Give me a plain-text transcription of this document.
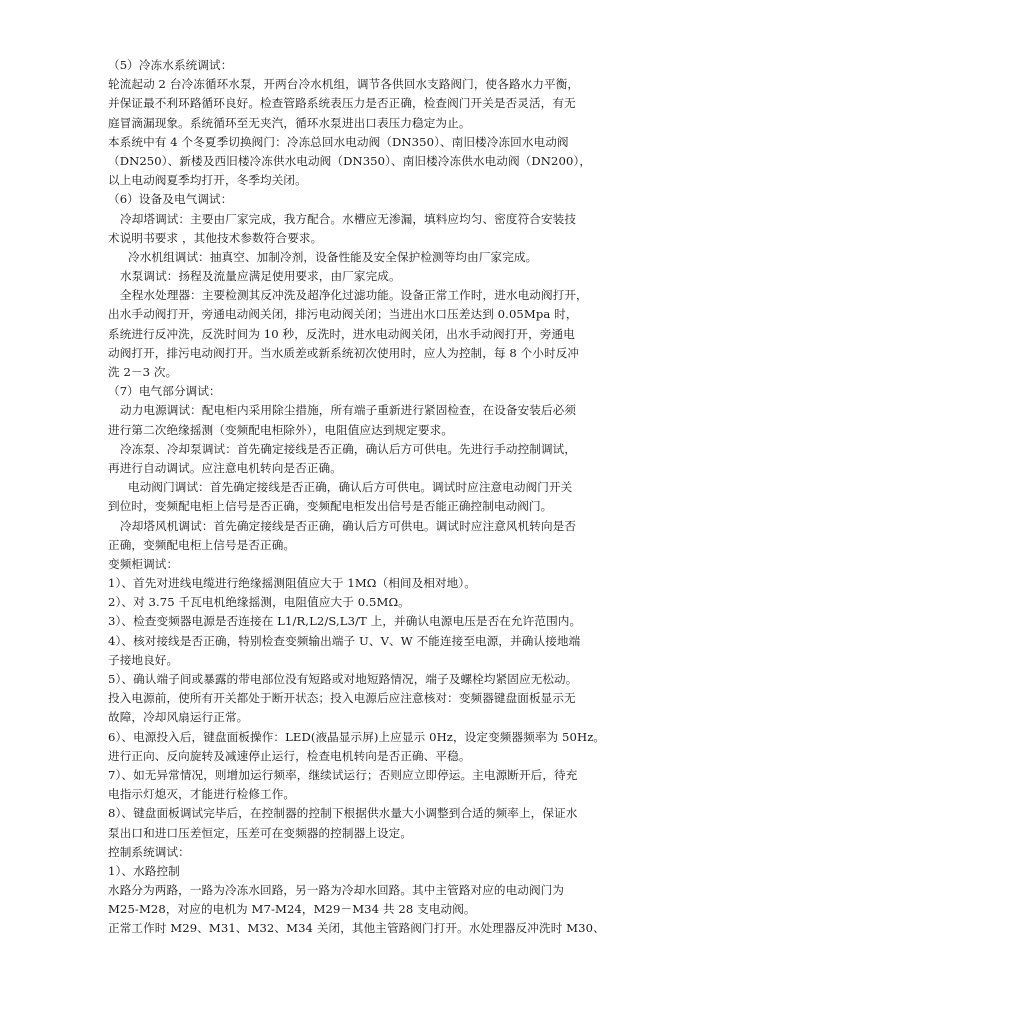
（5）冷冻水系统调试：
轮流起动 2 台冷冻循环水泵，开两台冷水机组，调节各供回水支路阀门，使各路水力平衡，
并保证最不利环路循环良好。检查管路系统表压力是否正确，检查阀门开关是否灵活，有无
庭冒滴漏现象。系统循环至无夹汽，循环水泵进出口表压力稳定为止。
本系统中有 4 个冬夏季切换阀门：冷冻总回水电动阀（DN350）、南旧楼冷冻回水电动阀
（DN250）、新楼及西旧楼冷冻供水电动阀（DN350）、南旧楼冷冻供水电动阀（DN200），
以上电动阀夏季均打开，冬季均关闭。
（6）设备及电气调试：
冷却塔调试：主要由厂家完成，我方配合。水槽应无渗漏，填料应均匀、密度符合安装技
术说明书要求 ，其他技术参数符合要求。
冷水机组调试：抽真空、加制冷剂，设备性能及安全保护检测等均由厂家完成。
水泵调试：扬程及流量应满足使用要求，由厂家完成。
全程水处理器：主要检测其反冲洗及超净化过滤功能。设备正常工作时，进水电动阀打开，
出水手动阀打开，旁通电动阀关闭，排污电动阀关闭；当进出水口压差达到 0.05Mpa 时，
系统进行反冲洗，反洗时间为 10 秒，反洗时，进水电动阀关闭，出水手动阀打开，旁通电
动阀打开，排污电动阀打开。当水质差或新系统初次使用时，应人为控制，每 8 个小时反冲
洗 2－3 次。
（7）电气部分调试：
动力电源调试：配电柜内采用除尘措施，所有端子重新进行紧固检查，在设备安装后必须
进行第二次绝缘摇测（变频配电柜除外），电阻值应达到规定要求。
冷冻泵、冷却泵调试：首先确定接线是否正确，确认后方可供电。先进行手动控制调试，
再进行自动调试。应注意电机转向是否正确。
电动阀门调试：首先确定接线是否正确，确认后方可供电。调试时应注意电动阀门开关
到位时，变频配电柜上信号是否正确，变频配电柜发出信号是否能正确控制电动阀门。
冷却塔风机调试：首先确定接线是否正确，确认后方可供电。调试时应注意风机转向是否
正确，变频配电柜上信号是否正确。
变频柜调试：
1）、首先对进线电缆进行绝缘摇测阻值应大于 1MΩ（相间及相对地）。
2）、对 3.75 千瓦电机绝缘摇测，电阻值应大于 0.5MΩ。
3）、检查变频器电源是否连接在 L1/R,L2/S,L3/T 上，并确认电源电压是否在允许范围内。
4）、核对接线是否正确，特别检查变频输出端子 U、V、W 不能连接至电源，并确认接地端
子接地良好。
5）、确认端子间或暴露的带电部位没有短路或对地短路情况，端子及螺栓均紧固应无松动。
投入电源前，使所有开关都处于断开状态；投入电源后应注意核对：变频器键盘面板显示无
故障，冷却风扇运行正常。
6）、电源投入后，键盘面板操作：LED(液晶显示屏)上应显示 0Hz，设定变频器频率为 50Hz。
进行正向、反向旋转及减速停止运行，检查电机转向是否正确、平稳。
7）、如无异常情况，则增加运行频率，继续试运行；否则应立即停运。主电源断开后，待充
电指示灯熄灭，才能进行检修工作。
8）、键盘面板调试完毕后，在控制器的控制下根据供水量大小调整到合适的频率上，保证水
泵出口和进口压差恒定，压差可在变频器的控制器上设定。
控制系统调试：
1）、水路控制
水路分为两路，一路为冷冻水回路，另一路为冷却水回路。其中主管路对应的电动阀门为
M25-M28，对应的电机为 M7-M24，M29－M34 共 28 支电动阀。
正常工作时 M29、M31、M32、M34 关闭，其他主管路阀门打开。水处理器反冲洗时 M30、
